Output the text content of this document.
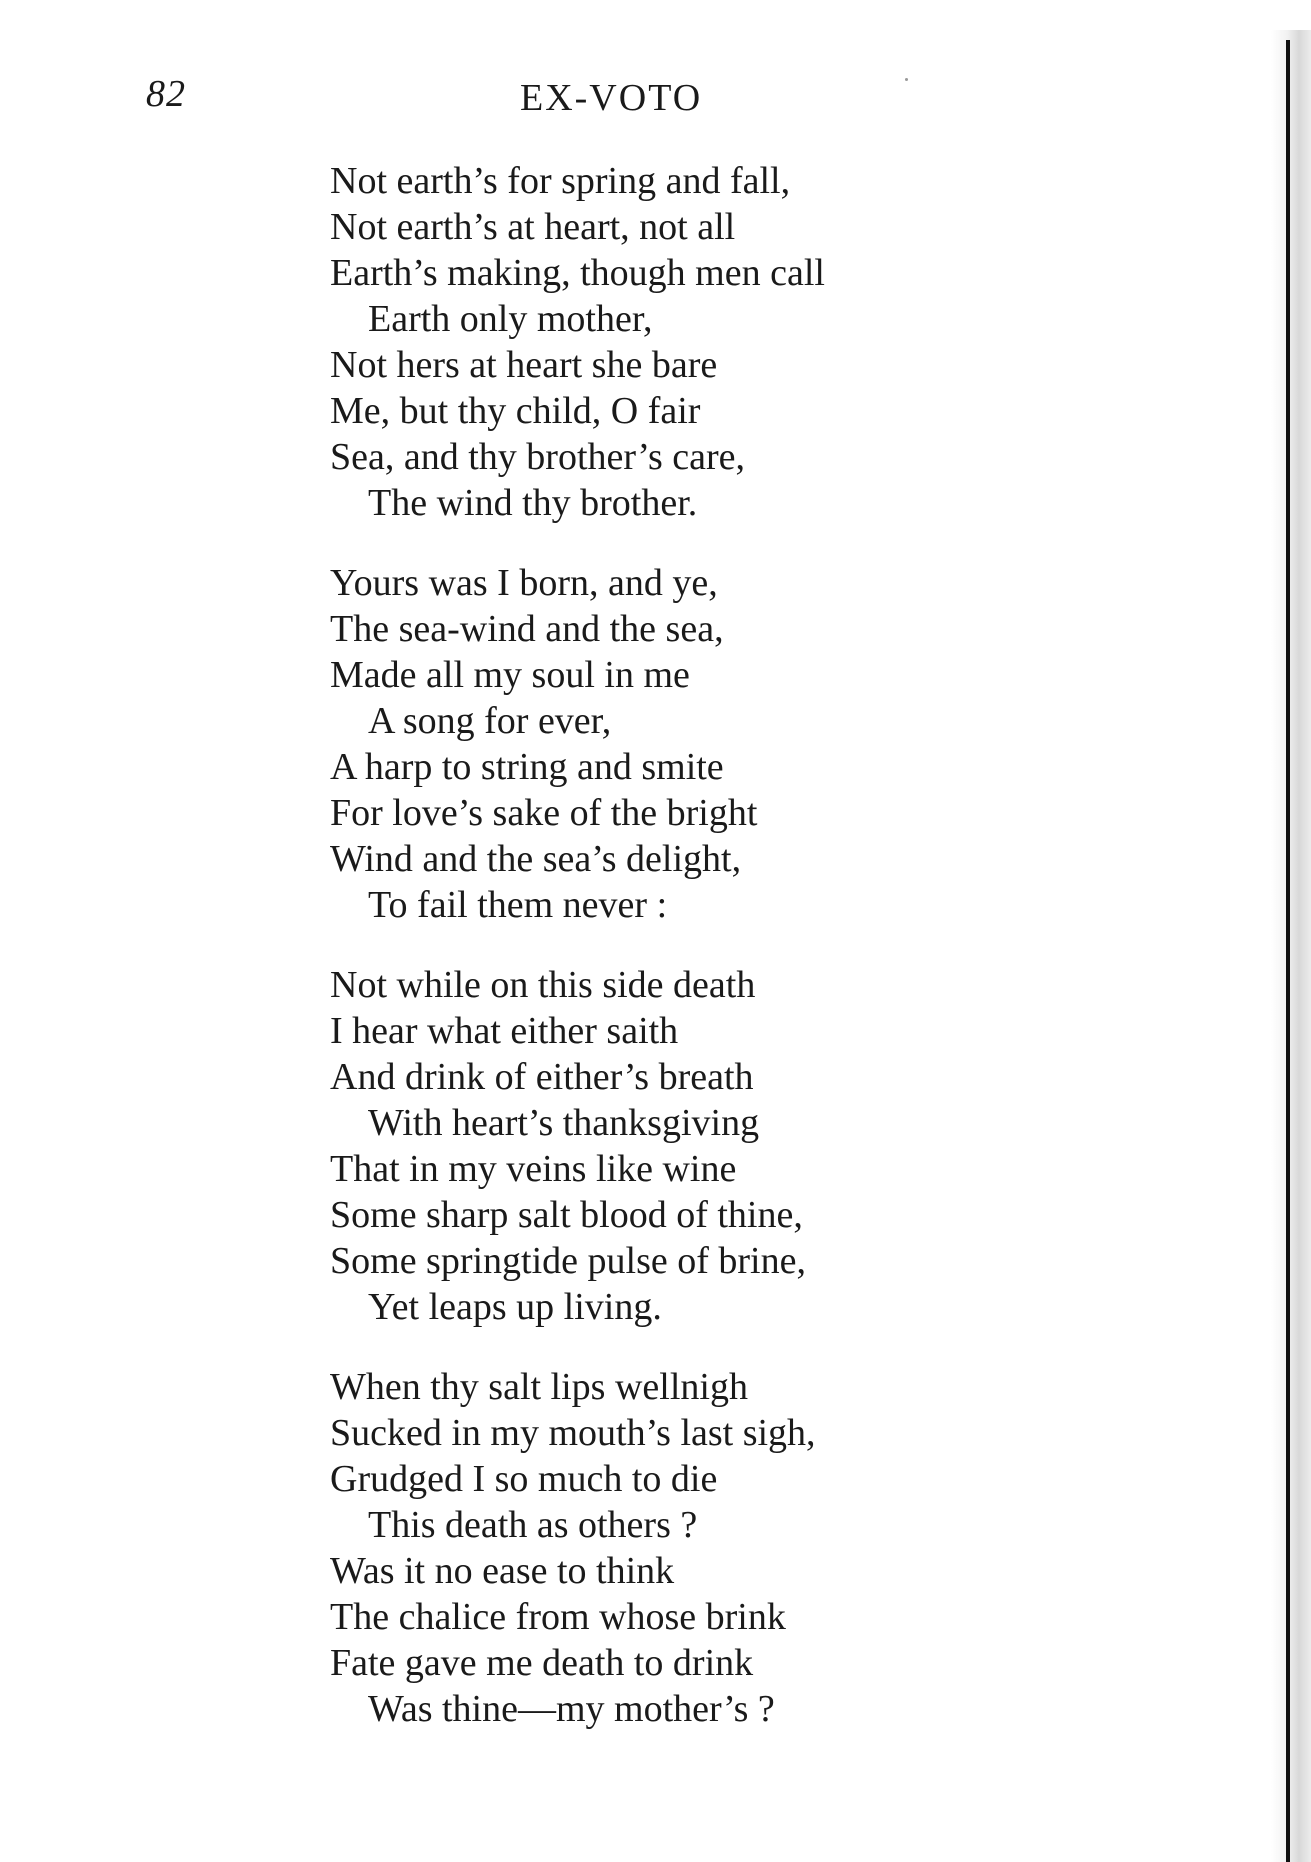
82	EX-VOTO
Not earth’s for spring and fall,
Not earth’s at heart, not all
Earth’s making, though men call
Earth only mother,
Not hers at heart she bare
Me, but thy child, O fair
Sea, and thy brother’s care,
The wind thy brother.
Yours was I born, and ye,
The sea-wind and the sea,
Made all my soul in me
A song for ever,
A harp to string and smite
For love’s sake of the bright
Wind and the sea’s delight,
To fail them never :
Not while on this side death
I hear what either saith
And drink of either’s breath
With heart’s thanksgiving
That in my veins like wine
Some sharp salt blood of thine,
Some springtide pulse of brine,
Yet leaps up living.
When thy salt lips wellnigh
Sucked in my mouth’s last sigh,
Grudged I so much to die
This death as others ?
Was it no ease to think
The chalice from whose brink
Fate gave me death to drink
Was thine—my mother’s ?
